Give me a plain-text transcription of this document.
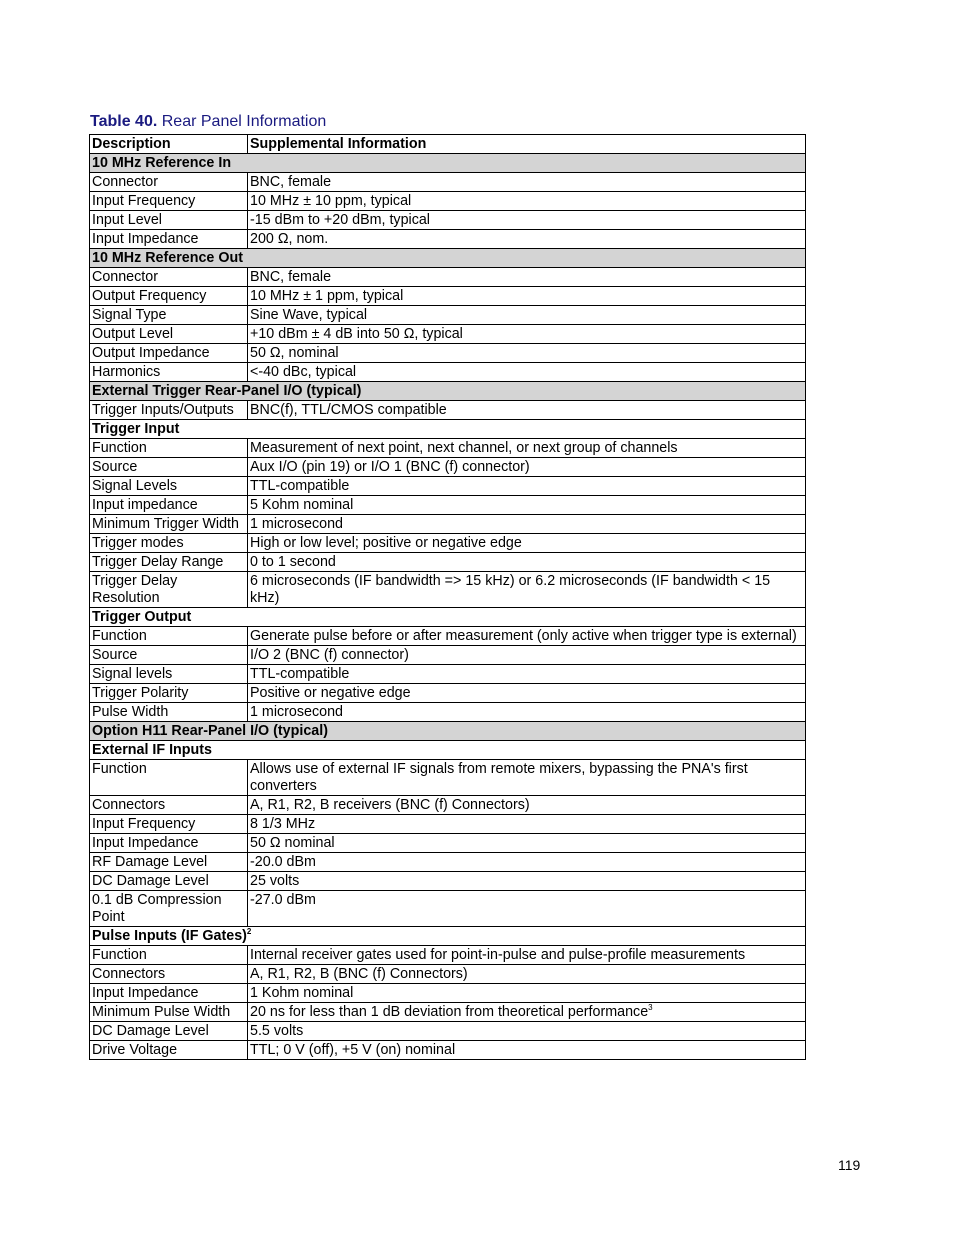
Table 40. Rear Panel Information
Description	Supplemental Information
10 MHz Reference In	
Connector	BNC, female
Input Frequency	10 MHz ± 10 ppm, typical
Input Level	-15 dBm to +20 dBm, typical
Input Impedance	200 Ω, nom.
10 MHz Reference Out	
Connector	BNC, female
Output Frequency	10 MHz ± 1 ppm, typical
Signal Type	Sine Wave, typical
Output Level	+10 dBm ± 4 dB into 50 Ω, typical
Output Impedance	50 Ω, nominal
Harmonics	<-40 dBc, typical
External Trigger Rear-Panel I/O (typical)	
Trigger Inputs/Outputs	BNC(f), TTL/CMOS compatible
Trigger Input	
Function	Measurement of next point, next channel, or next group of channels
Source	Aux I/O (pin 19) or I/O 1 (BNC (f) connector)
Signal Levels	TTL-compatible
Input impedance	5 Kohm nominal
Minimum Trigger Width	1 microsecond
Trigger modes	High or low level; positive or negative edge
Trigger Delay Range	0 to 1 second
Trigger Delay Resolution	6 microseconds (IF bandwidth => 15 kHz) or 6.2 microseconds (IF bandwidth < 15 kHz)
Trigger Output	
Function	Generate pulse before or after measurement (only active when trigger type is external)
Source	I/O 2 (BNC (f) connector)
Signal levels	TTL-compatible
Trigger Polarity	Positive or negative edge
Pulse Width	1 microsecond
Option H11 Rear-Panel I/O (typical)	
External IF Inputs	
Function	Allows use of external IF signals from remote mixers, bypassing the PNA's first converters
Connectors	A, R1, R2, B receivers (BNC (f) Connectors)
Input Frequency	8 1/3 MHz
Input Impedance	50 Ω nominal
RF Damage Level	-20.0 dBm
DC Damage Level	25 volts
0.1 dB Compression Point	-27.0 dBm
Pulse Inputs (IF Gates)$^2$
Function	Internal receiver gates used for point-in-pulse and pulse-profile measurements
Connectors	A, R1, R2, B (BNC (f) Connectors)
Input Impedance	1 Kohm nominal
Minimum Pulse Width	20 ns for less than 1 dB deviation from theoretical performance$^3$
DC Damage Level	5.5 volts
Drive Voltage	TTL; 0 V (off), +5 V (on) nominal
119
